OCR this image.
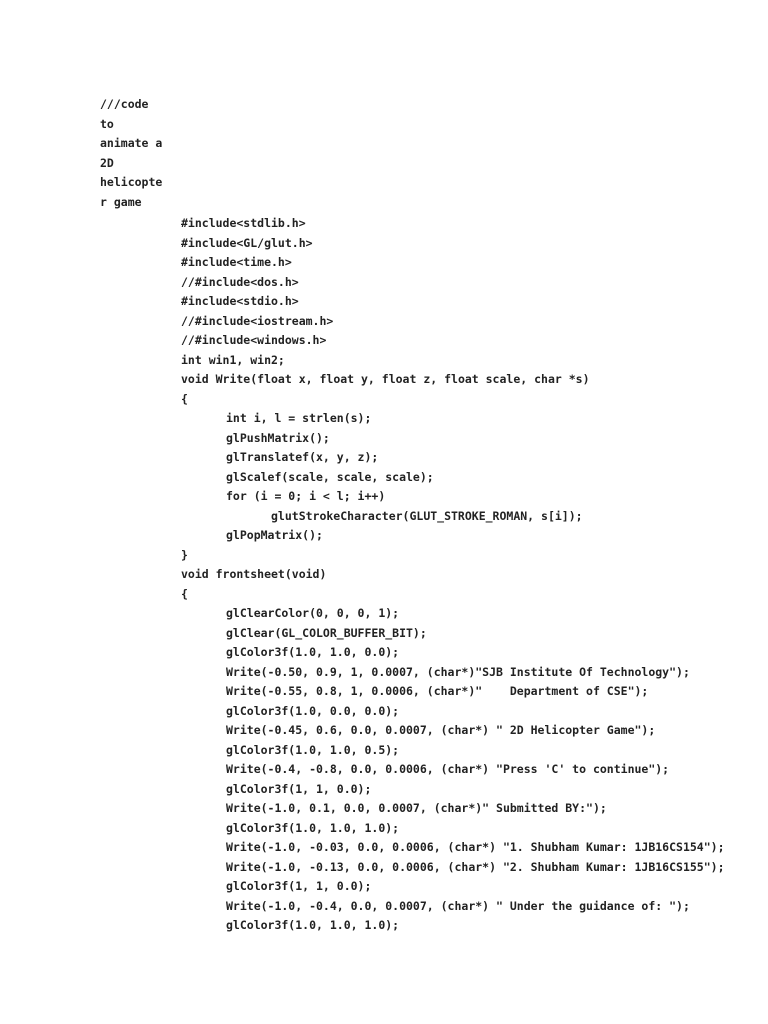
///code
to
animate a
2D
helicopte
r game
#include<stdlib.h>
#include<GL/glut.h>
#include<time.h>
//#include<dos.h>
#include<stdio.h>
//#include<iostream.h>
//#include<windows.h>
int win1, win2;
void Write(float x, float y, float z, float scale, char *s)
{
int i, l = strlen(s);
glPushMatrix();
glTranslatef(x, y, z);
glScalef(scale, scale, scale);
for (i = 0; i < l; i++)
glutStrokeCharacter(GLUT_STROKE_ROMAN, s[i]);
glPopMatrix();
}
void frontsheet(void)
{
glClearColor(0, 0, 0, 1);
glClear(GL_COLOR_BUFFER_BIT);
glColor3f(1.0, 1.0, 0.0);
Write(-0.50, 0.9, 1, 0.0007, (char*)"SJB Institute Of Technology");
Write(-0.55, 0.8, 1, 0.0006, (char*)"    Department of CSE");
glColor3f(1.0, 0.0, 0.0);
Write(-0.45, 0.6, 0.0, 0.0007, (char*) " 2D Helicopter Game");
glColor3f(1.0, 1.0, 0.5);
Write(-0.4, -0.8, 0.0, 0.0006, (char*) "Press 'C' to continue");
glColor3f(1, 1, 0.0);
Write(-1.0, 0.1, 0.0, 0.0007, (char*)" Submitted BY:");
glColor3f(1.0, 1.0, 1.0);
Write(-1.0, -0.03, 0.0, 0.0006, (char*) "1. Shubham Kumar: 1JB16CS154");
Write(-1.0, -0.13, 0.0, 0.0006, (char*) "2. Shubham Kumar: 1JB16CS155");
glColor3f(1, 1, 0.0);
Write(-1.0, -0.4, 0.0, 0.0007, (char*) " Under the guidance of: ");
glColor3f(1.0, 1.0, 1.0);
